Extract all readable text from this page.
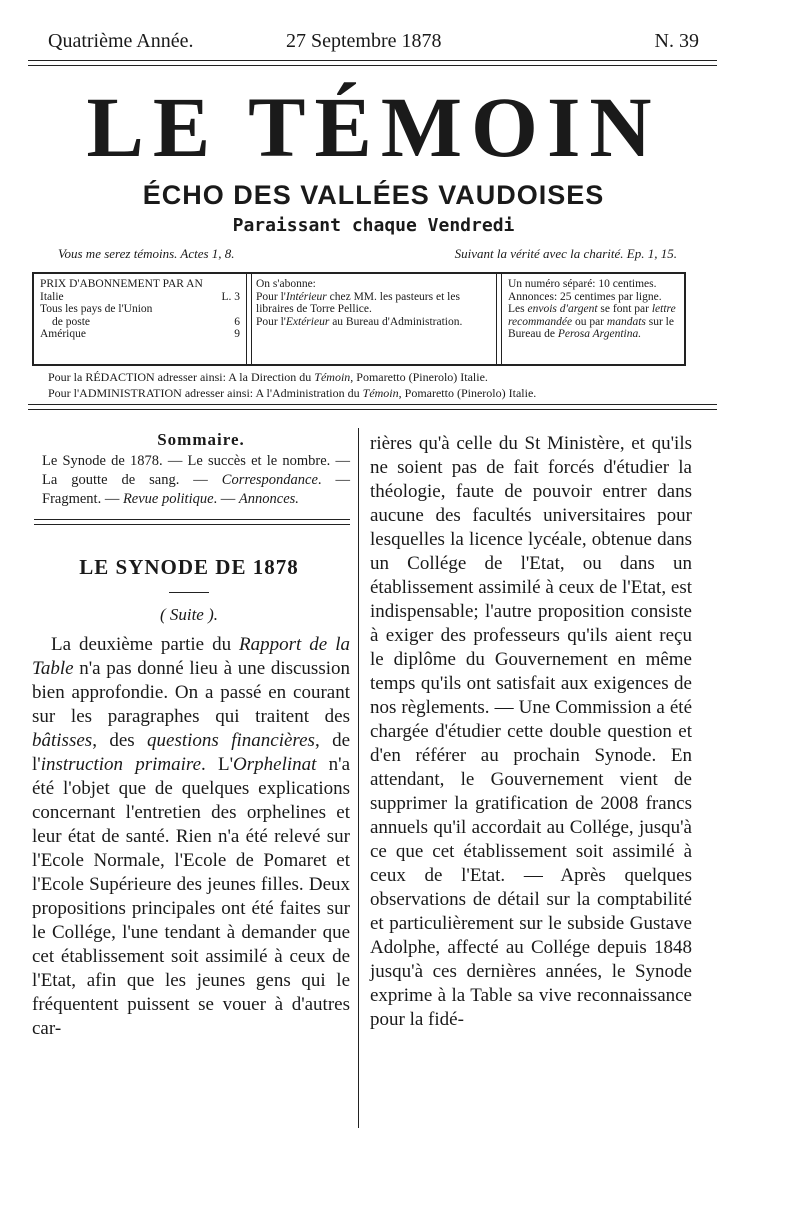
Quatrième Année.	27 Septembre 1878	N. 39
LE TÉMOIN
ÉCHO DES VALLÉES VAUDOISES
Paraissant chaque Vendredi
Vous me serez témoins. Actes 1, 8.	Suivant la vérité avec la charité. Ep. 1, 15.
PRIX D'ABONNEMENT PAR AN
Italie	L. 3
Tous les pays de l'Union
de poste	6
Amérique	9
On s'abonne:
Pour l'Intérieur chez MM. les pasteurs et les libraires de Torre Pellice.
Pour l'Extérieur au Bureau d'Administration.
Un numéro séparé: 10 centimes.
Annonces: 25 centimes par ligne.
Les envois d'argent se font par lettre recommandée ou par mandats sur le Bureau de Perosa Argentina.
Pour la RÉDACTION adresser ainsi: A la Direction du Témoin, Pomaretto (Pinerolo) Italie.
Pour l'ADMINISTRATION adresser ainsi: A l'Administration du Témoin, Pomaretto (Pinerolo) Italie.
Sommaire.
Le Synode de 1878. — Le succès et le nombre. — La goutte de sang. — Correspondance. — Fragment. — Revue politique. — Annonces.
LE SYNODE DE 1878
( Suite ).
 La deuxième partie du Rapport de la Table n'a pas donné lieu à une discussion bien approfondie. On a passé en courant sur les paragraphes qui traitent des bâtisses, des questions financières, de l'instruction primaire. L'Orphelinat n'a été l'objet que de quelques explications concernant l'entretien des orphelines et leur état de santé. Rien n'a été relevé sur l'Ecole Normale, l'Ecole de Pomaret et l'Ecole Supérieure des jeunes filles. Deux propositions principales ont été faites sur le Collége, l'une tendant à demander que cet établissement soit assimilé à ceux de l'Etat, afin que les jeunes gens qui le fréquentent puissent se vouer à d'autres car-
rières qu'à celle du St Ministère, et qu'ils ne soient pas de fait forcés d'étudier la théologie, faute de pouvoir entrer dans aucune des facultés universitaires pour lesquelles la licence lycéale, obtenue dans un Collége de l'Etat, ou dans un établissement assimilé à ceux de l'Etat, est indispensable; l'autre proposition consiste à exiger des professeurs qu'ils aient reçu le diplôme du Gouvernement en même temps qu'ils ont satisfait aux exigences de nos règlements. — Une Commission a été chargée d'étudier cette double question et d'en référer au prochain Synode. En attendant, le Gouvernement vient de supprimer la gratification de 2008 francs annuels qu'il accordait au Collége, jusqu'à ce que cet établissement soit assimilé à ceux de l'Etat. — Après quelques observations de détail sur la comptabilité et particulièrement sur le subside Gustave Adolphe, affecté au Collége depuis 1848 jusqu'à ces dernières années, le Synode exprime à la Table sa vive reconnaissance pour la fidé-
